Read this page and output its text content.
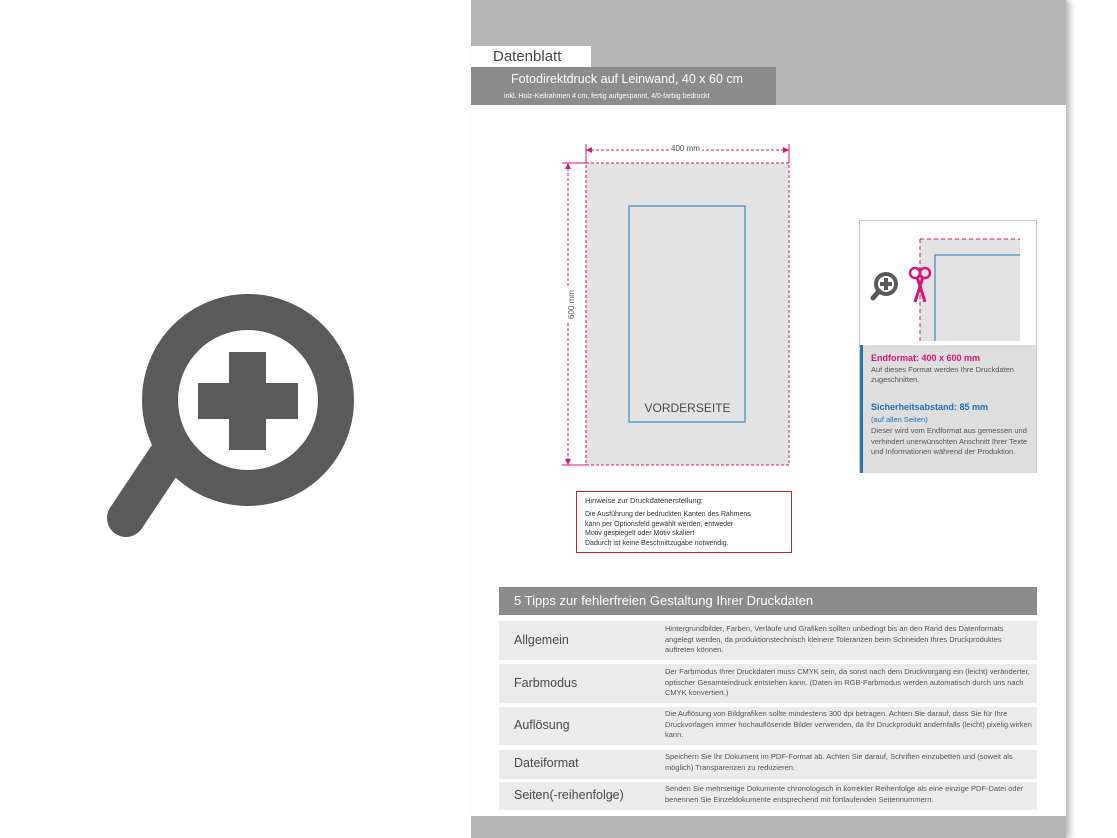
Datenblatt
Fotodirektdruck auf Leinwand, 40 x 60 cm
inkl. Holz-Keilrahmen 4 cm, fertig aufgespannt, 4/0-farbig bedruckt
400 mm
600 mm
VORDERSEITE
Endformat: 400 x 600 mm
Auf dieses Format werden Ihre Druckdaten zugeschnitten.
Sicherheitsabstand: 85 mm
(auf allen Seiten)
Dieser wird vom Endformat aus gemessen und verhindert unerwünschten Anschnitt Ihrer Texte und Informationen während der Produktion.
Hinweise zur Druckdatenerstellung:
Die Ausführung der bedruckten Kanten des Rahmens
kann per Optionsfeld gewählt werden, entweder
Motiv gespiegelt oder Motiv skaliert
Dadurch ist keine Beschnittzugabe notwendig.
5 Tipps zur fehlerfreien Gestaltung Ihrer Druckdaten
Allgemein
Hintergrundbilder, Farben, Verläufe und Grafiken sollten unbedingt bis an den Rand des Datenformats angelegt werden, da produktionstechnisch kleinere Toleranzen beim Schneiden Ihres Druckproduktes auftreten können.
Farbmodus
Der Farbmodus Ihrer Druckdaten muss CMYK sein, da sonst nach dem Druckvorgang ein (leicht) veränderter, optischer Gesamteindruck entstehen kann. (Daten im RGB-Farbmodus werden automatisch durch uns nach CMYK konvertiert.)
Auflösung
Die Auflösung von Bildgrafiken sollte mindestens 300 dpi betragen. Achten Sie darauf, dass Sie für Ihre Druckvorlagen immer hochauflösende Bilder verwenden, da Ihr Druckprodukt andernfalls (leicht) pixelig wirken kann.
Dateiformat	Speichern Sie Ihr Dokument im PDF-Format ab. Achten Sie darauf, Schriften einzubetten und (soweit als möglich) Transparenzen zu reduzieren.
Seiten(-reihenfolge)	Senden Sie mehrseitige Dokumente chronologisch in korrekter Reihenfolge als eine einzige PDF-Datei oder benennen Sie Einzeldokumente entsprechend mit fortlaufenden Seitennummern.
